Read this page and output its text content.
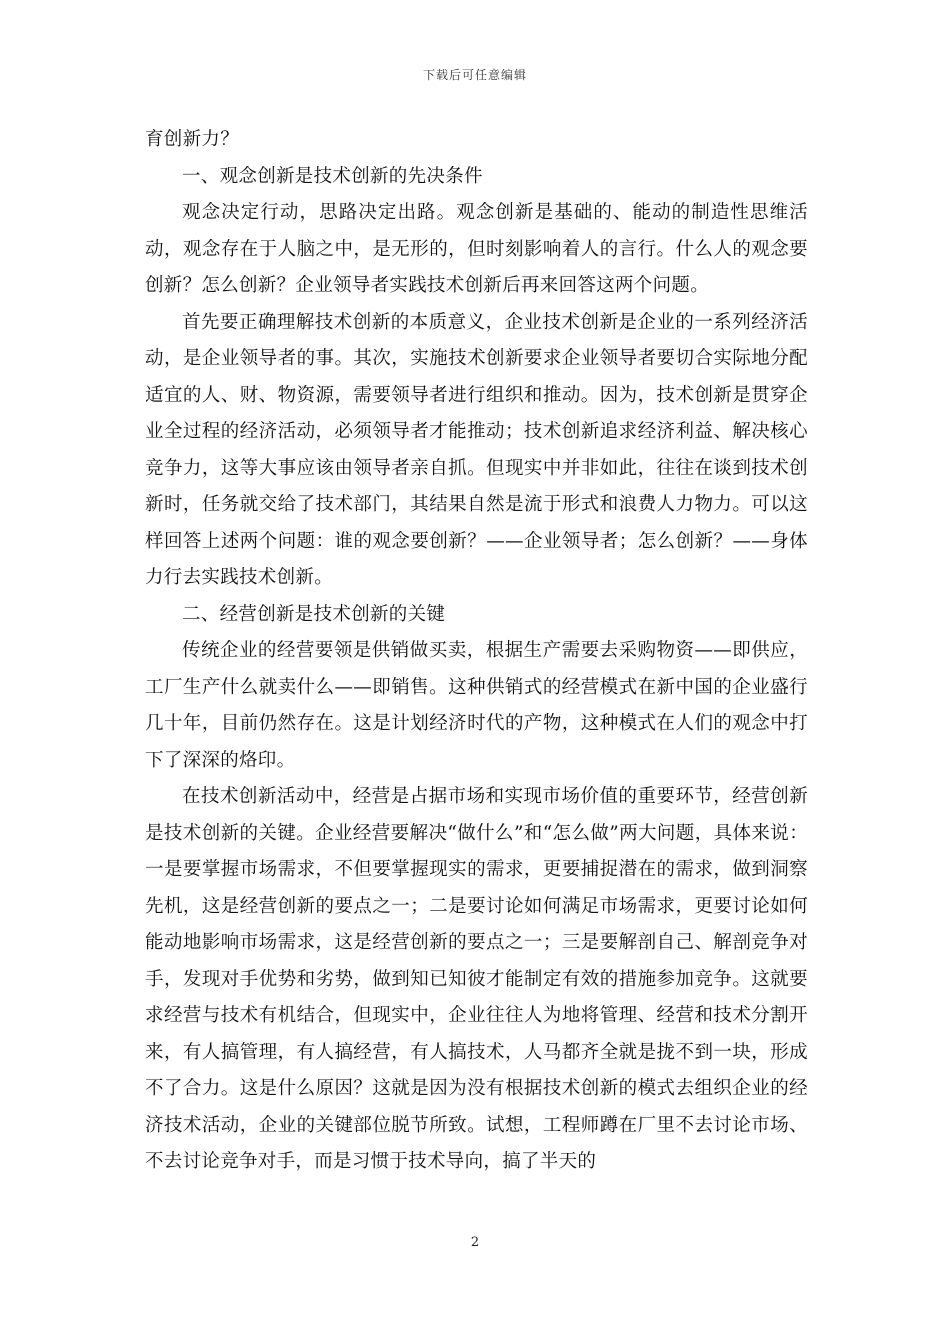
下载后可任意编辑

育创新力？

一、观念创新是技术创新的先决条件

观念决定行动，思路决定出路。观念创新是基础的、能动的制造性思维活动，观念存在于人脑之中，是无形的，但时刻影响着人的言行。什么人的观念要创新？怎么创新？企业领导者实践技术创新后再来回答这两个问题。

首先要正确理解技术创新的本质意义，企业技术创新是企业的一系列经济活动，是企业领导者的事。其次，实施技术创新要求企业领导者要切合实际地分配适宜的人、财、物资源，需要领导者进行组织和推动。因为，技术创新是贯穿企业全过程的经济活动，必须领导者才能推动；技术创新追求经济利益、解决核心竞争力，这等大事应该由领导者亲自抓。但现实中并非如此，往往在谈到技术创新时，任务就交给了技术部门，其结果自然是流于形式和浪费人力物力。可以这样回答上述两个问题：谁的观念要创新？——企业领导者；怎么创新？——身体力行去实践技术创新。

二、经营创新是技术创新的关键

传统企业的经营要领是供销做买卖，根据生产需要去采购物资——即供应，工厂生产什么就卖什么——即销售。这种供销式的经营模式在新中国的企业盛行几十年，目前仍然存在。这是计划经济时代的产物，这种模式在人们的观念中打下了深深的烙印。

在技术创新活动中，经营是占据市场和实现市场价值的重要环节，经营创新是技术创新的关键。企业经营要解决“做什么”和“怎么做”两大问题，具体来说：一是要掌握市场需求，不但要掌握现实的需求，更要捕捉潜在的需求，做到洞察先机，这是经营创新的要点之一；二是要讨论如何满足市场需求，更要讨论如何能动地影响市场需求，这是经营创新的要点之一；三是要解剖自己、解剖竞争对手，发现对手优势和劣势，做到知已知彼才能制定有效的措施参加竞争。这就要求经营与技术有机结合，但现实中，企业往往人为地将管理、经营和技术分割开来，有人搞管理，有人搞经营，有人搞技术，人马都齐全就是拢不到一块，形成不了合力。这是什么原因？这就是因为没有根据技术创新的模式去组织企业的经济技术活动，企业的关键部位脱节所致。试想，工程师蹲在厂里不去讨论市场、不去讨论竞争对手，而是习惯于技术导向，搞了半天的

2
